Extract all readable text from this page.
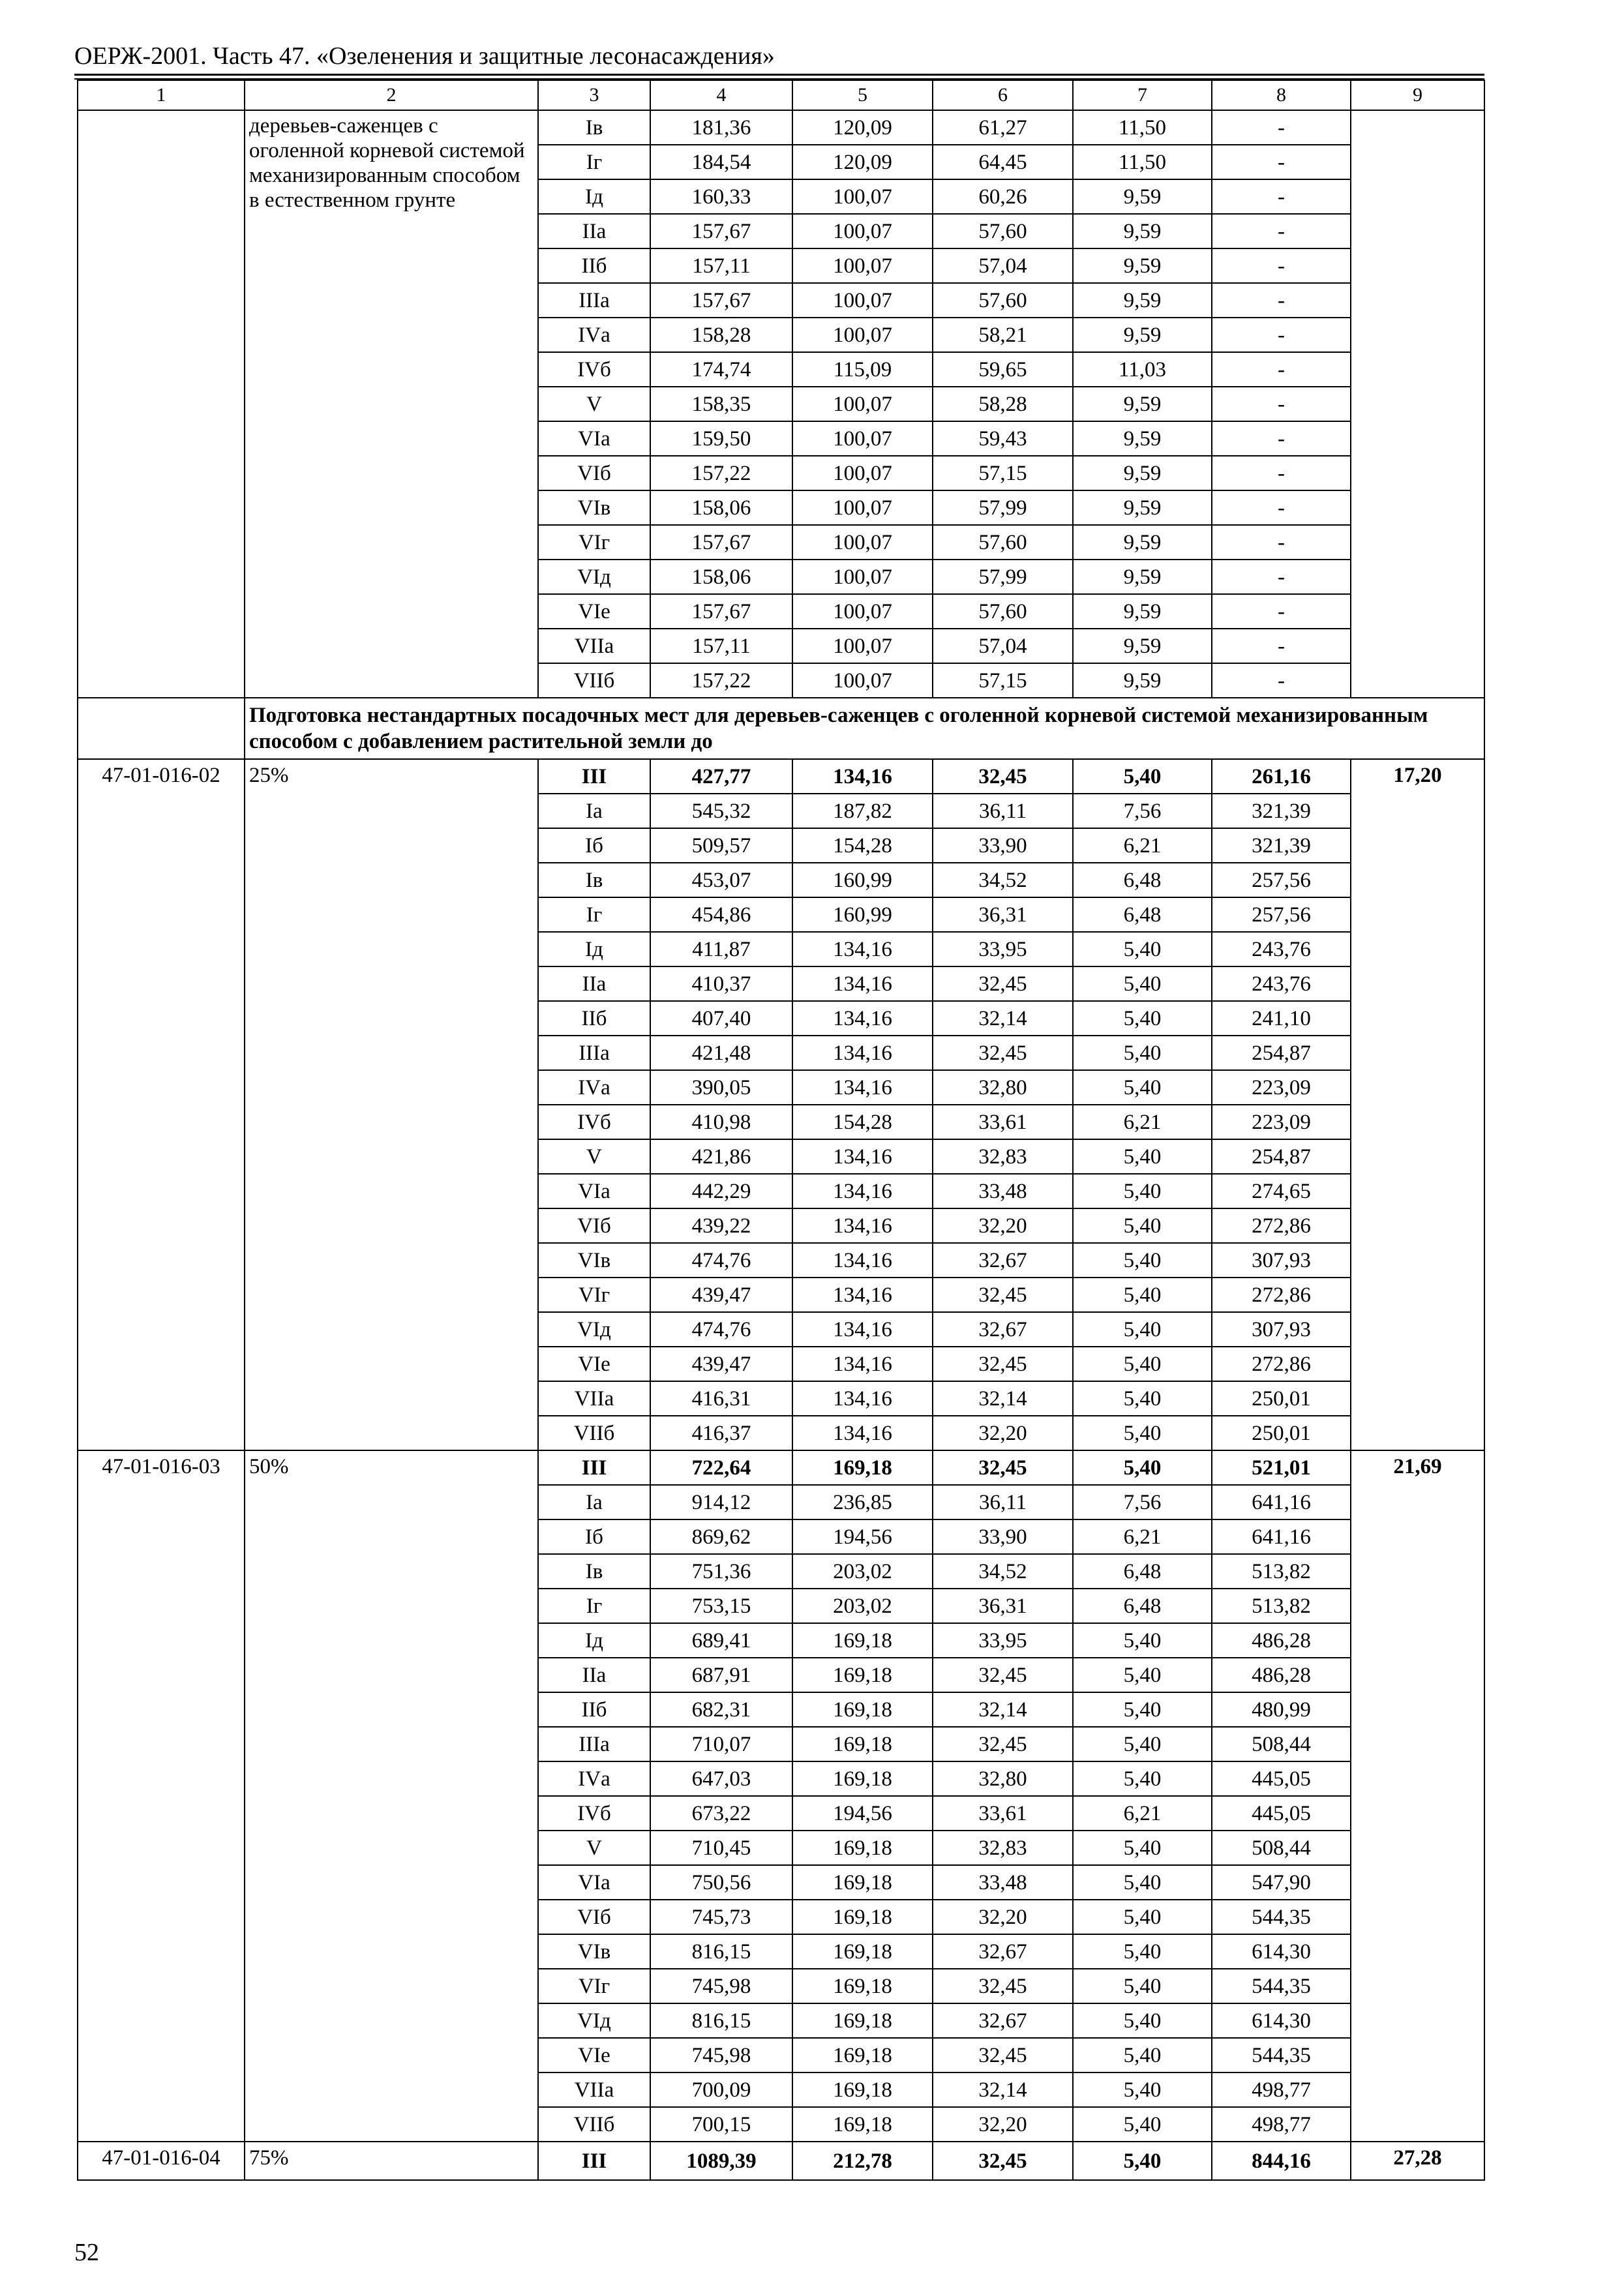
ОЕРЖ-2001. Часть 47. «Озеленения и защитные лесонасаждения»
1	2	3	4	5	6	7	8	9
	деревьев-саженцев с оголенной корневой системой механизированным способом в естественном грунте	Iв	181,36	120,09	61,27	11,50	-	
		Iг	184,54	120,09	64,45	11,50	-	
		Iд	160,33	100,07	60,26	9,59	-	
		IIа	157,67	100,07	57,60	9,59	-	
		IIб	157,11	100,07	57,04	9,59	-	
		IIIа	157,67	100,07	57,60	9,59	-	
		IVа	158,28	100,07	58,21	9,59	-	
		IVб	174,74	115,09	59,65	11,03	-	
		V	158,35	100,07	58,28	9,59	-	
		VIа	159,50	100,07	59,43	9,59	-	
		VIб	157,22	100,07	57,15	9,59	-	
		VIв	158,06	100,07	57,99	9,59	-	
		VIг	157,67	100,07	57,60	9,59	-	
		VIд	158,06	100,07	57,99	9,59	-	
		VIе	157,67	100,07	57,60	9,59	-	
		VIIа	157,11	100,07	57,04	9,59	-	
		VIIб	157,22	100,07	57,15	9,59	-	
	Подготовка нестандартных посадочных мест для деревьев-саженцев с оголенной корневой системой механизированным способом с добавлением растительной земли до							
47-01-016-02	25%	III	427,77	134,16	32,45	5,40	261,16	17,20
		Iа	545,32	187,82	36,11	7,56	321,39	
		Iб	509,57	154,28	33,90	6,21	321,39	
		Iв	453,07	160,99	34,52	6,48	257,56	
		Iг	454,86	160,99	36,31	6,48	257,56	
		Iд	411,87	134,16	33,95	5,40	243,76	
		IIа	410,37	134,16	32,45	5,40	243,76	
		IIб	407,40	134,16	32,14	5,40	241,10	
		IIIа	421,48	134,16	32,45	5,40	254,87	
		IVа	390,05	134,16	32,80	5,40	223,09	
		IVб	410,98	154,28	33,61	6,21	223,09	
		V	421,86	134,16	32,83	5,40	254,87	
		VIа	442,29	134,16	33,48	5,40	274,65	
		VIб	439,22	134,16	32,20	5,40	272,86	
		VIв	474,76	134,16	32,67	5,40	307,93	
		VIг	439,47	134,16	32,45	5,40	272,86	
		VIд	474,76	134,16	32,67	5,40	307,93	
		VIе	439,47	134,16	32,45	5,40	272,86	
		VIIа	416,31	134,16	32,14	5,40	250,01	
		VIIб	416,37	134,16	32,20	5,40	250,01	
47-01-016-03	50%	III	722,64	169,18	32,45	5,40	521,01	21,69
		Iа	914,12	236,85	36,11	7,56	641,16	
		Iб	869,62	194,56	33,90	6,21	641,16	
		Iв	751,36	203,02	34,52	6,48	513,82	
		Iг	753,15	203,02	36,31	6,48	513,82	
		Iд	689,41	169,18	33,95	5,40	486,28	
		IIа	687,91	169,18	32,45	5,40	486,28	
		IIб	682,31	169,18	32,14	5,40	480,99	
		IIIа	710,07	169,18	32,45	5,40	508,44	
		IVа	647,03	169,18	32,80	5,40	445,05	
		IVб	673,22	194,56	33,61	6,21	445,05	
		V	710,45	169,18	32,83	5,40	508,44	
		VIа	750,56	169,18	33,48	5,40	547,90	
		VIб	745,73	169,18	32,20	5,40	544,35	
		VIв	816,15	169,18	32,67	5,40	614,30	
		VIг	745,98	169,18	32,45	5,40	544,35	
		VIд	816,15	169,18	32,67	5,40	614,30	
		VIе	745,98	169,18	32,45	5,40	544,35	
		VIIа	700,09	169,18	32,14	5,40	498,77	
		VIIб	700,15	169,18	32,20	5,40	498,77	
47-01-016-04	75%	III	1089,39	212,78	32,45	5,40	844,16	27,28
52
